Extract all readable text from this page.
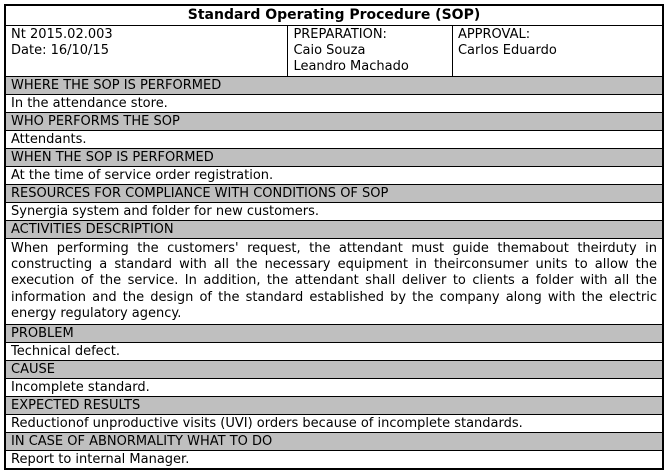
Standard Operating Procedure (SOP)

Nt 2015.02.003
Date: 16/10/15

PREPARATION:
Caio Souza
Leandro Machado

APPROVAL:
Carlos Eduardo

WHERE THE SOP IS PERFORMED
In the attendance store.
WHO PERFORMS THE SOP
Attendants.
WHEN THE SOP IS PERFORMED
At the time of service order registration.
RESOURCES FOR COMPLIANCE WITH CONDITIONS OF SOP
Synergia system and folder for new customers.
ACTIVITIES DESCRIPTION
When performing the customers' request, the attendant must guide themabout theirduty in constructing a standard with all the necessary equipment in theirconsumer units to allow the execution of the service. In addition, the attendant shall deliver to clients a folder with all the information and the design of the standard established by the company along with the electric energy regulatory agency.
PROBLEM
Technical defect.
CAUSE
Incomplete standard.
EXPECTED RESULTS
Reductionof unproductive visits (UVI) orders because of incomplete standards.
IN CASE OF ABNORMALITY WHAT TO DO
Report to internal Manager.
